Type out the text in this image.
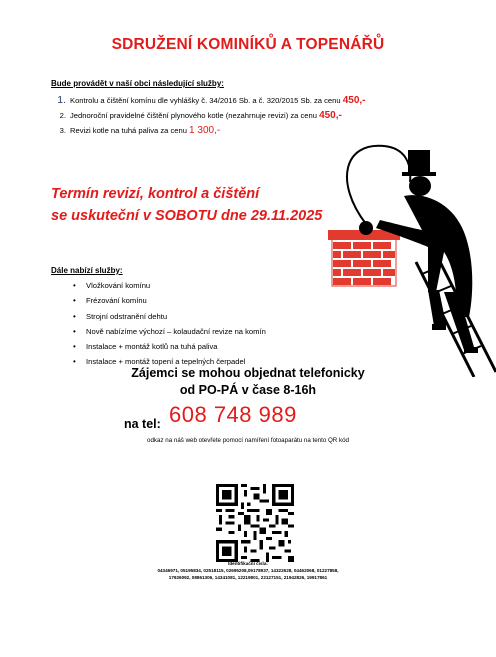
SDRUŽENÍ KOMINÍKŮ A TOPENÁŘŮ
Bude provádět v naší obci následující služby:
1. Kontrolu a čištění komínu dle vyhlášky č. 34/2016 Sb. a č. 320/2015 Sb. za cenu 450,-
2. Jednoroční pravidelné čištění plynového kotle (nezahrnuje revizi) za cenu 450,-
3. Revizi kotle na tuhá paliva za cenu 1 300,-
Termín revizí, kontrol a čištění
se uskuteční v SOBOTU dne 29.11.2025
Dále nabízí služby:
• Vložkování komínu
• Frézování komínu
• Strojní odstranění dehtu
• Nově nabízíme výchozí – kolaudační revize na komín
• Instalace + montáž kotlů na tuhá paliva
• Instalace + montáž topení a tepelných čerpadel
Zájemci se mohou objednat telefonicky
od PO-PÁ v čase 8-16h
na tel: 608 748 989
odkaz na náš web otevřete pomocí namíření fotoaparátu na tento QR kód
Identifikační čísla:
04346971, 05195834, 02518115, 02695208,09178937, 14322628, 04462068, 01227858,
17926092, 08861306, 14341081, 12219801, 22127151, 21942826, 19917861
